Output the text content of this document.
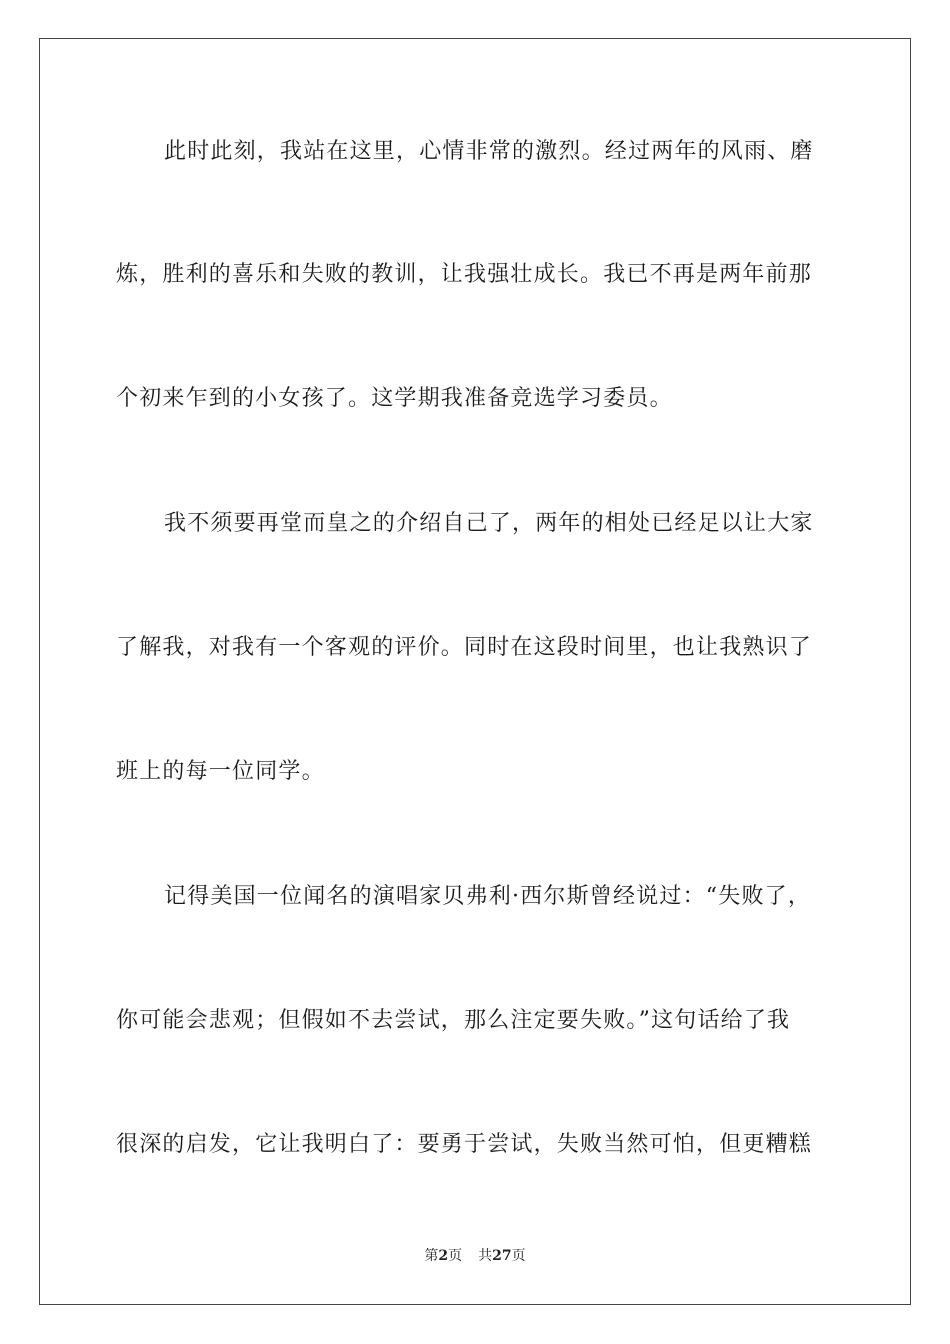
此时此刻，我站在这里，心情非常的激烈。经过两年的风雨、磨
炼，胜利的喜乐和失败的教训，让我强壮成长。我已不再是两年前那
个初来乍到的小女孩了。这学期我准备竞选学习委员。
我不须要再堂而皇之的介绍自己了，两年的相处已经足以让大家
了解我，对我有一个客观的评价。同时在这段时间里，也让我熟识了
班上的每一位同学。
记得美国一位闻名的演唱家贝弗利·西尔斯曾经说过：“失败了，
你可能会悲观；但假如不去尝试，那么注定要失败。”这句话给了我
很深的启发，它让我明白了：要勇于尝试，失败当然可怕，但更糟糕
第2页 共27页
